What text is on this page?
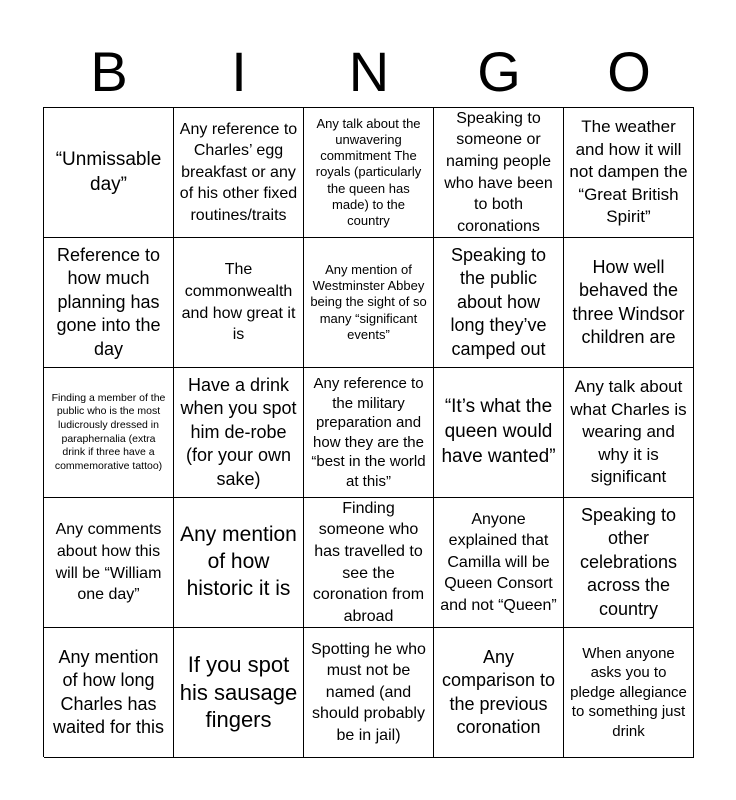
B	I	N	G	O
“Unmissable day”
Any reference to Charles’ egg breakfast or any of his other fixed routines/traits
Any talk about the unwavering commitment The royals (particularly the queen has made) to the country
Speaking to someone or naming people who have been to both coronations
The weather and how it will not dampen the “Great British Spirit”
Reference to how much planning has gone into the day
The commonwealth and how great it is
Any mention of Westminster Abbey being the sight of so many “significant events”
Speaking to the public about how long they’ve camped out
How well behaved the three Windsor children are
Finding a member of the public who is the most ludicrously dressed in paraphernalia (extra drink if three have a commemorative tattoo)
Have a drink when you spot him de-robe (for your own sake)
Any reference to the military preparation and how they are the “best in the world at this”
“It’s what the queen would have wanted”
Any talk about what Charles is wearing and why it is significant
Any comments about how this will be “William one day”
Any mention of how historic it is
Finding someone who has travelled to see the coronation from abroad
Anyone explained that Camilla will be Queen Consort and not “Queen”
Speaking to other celebrations across the country
Any mention of how long Charles has waited for this
If you spot his sausage fingers
Spotting he who must not be named (and should probably be in jail)
Any comparison to the previous coronation
When anyone asks you to pledge allegiance to something just drink
